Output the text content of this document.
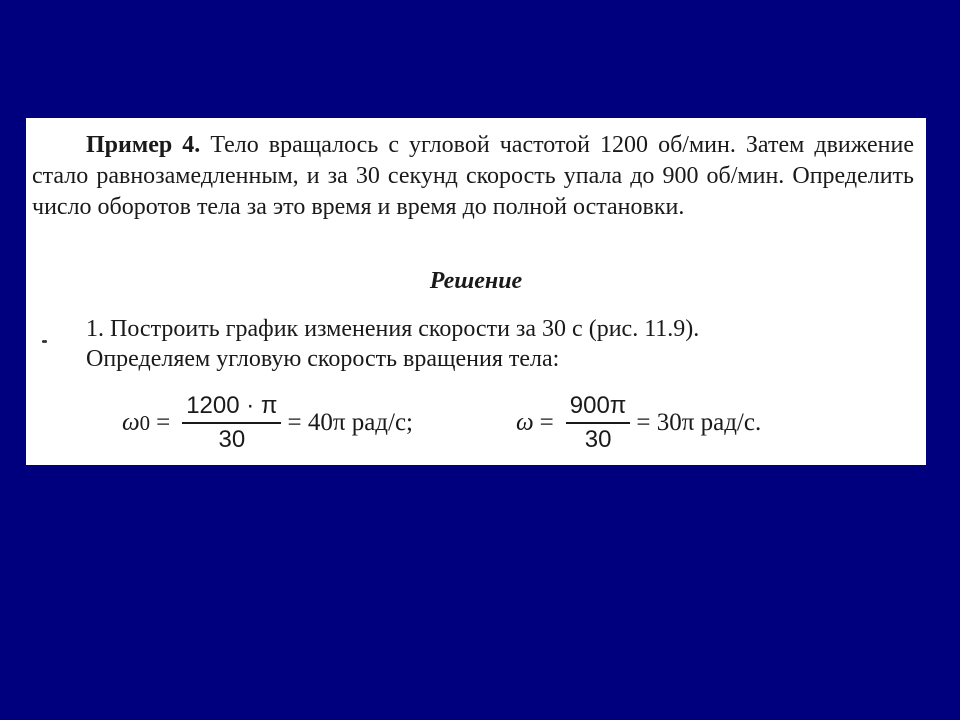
Пример 4. Тело вращалось с угловой частотой 1200 об/мин. Затем движение стало равнозамедленным, и за 30 секунд скорость упала до 900 об/мин. Определить число оборотов тела за это время и время до полной остановки.
Решение
1. Построить график изменения скорости за 30 с (рис. 11.9).
Определяем угловую скорость вращения тела:
ω $0 = \frac{1200 \cdot \pi}{30} = 40\pi$ рад/с;	$\omega = \frac{900\pi}{30} = 30\pi$ рад/с.
